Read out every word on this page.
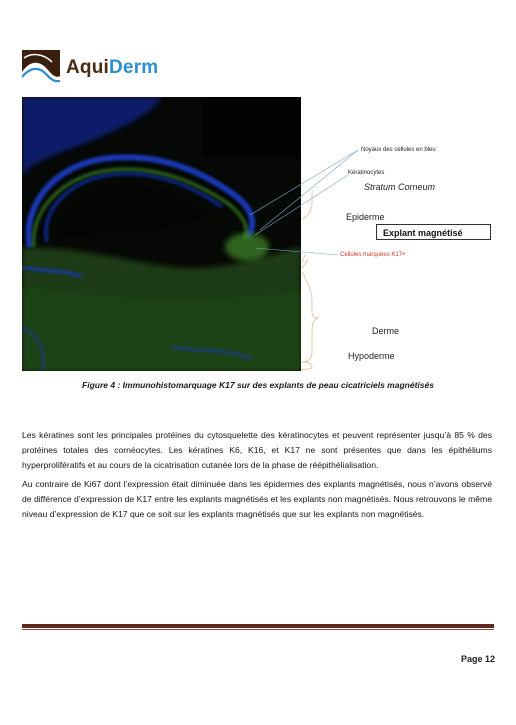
AquiDerm
Noyaux des cellules en bleu
Kératinocytes
Stratum Corneum
Epiderme
Explant magnétisé
Cellules marquées K17+
Derme
Hypoderme
Figure 4 : Immunohistomarquage K17 sur des explants de peau cicatriciels magnétisés

Les kératines sont les principales protéines du cytosquelette des kératinocytes et peuvent représenter jusqu’à 85 % des protéines totales des cornéocytes. Les kératines K6, K16, et K17 ne sont présentes que dans les épithéliums hyperprolifératifs et au cours de la cicatrisation cutanée lors de la phase de réépithélialisation.

Au contraire de Ki67 dont l’expression était diminuée dans les épidermes des explants magnétisés, nous n’avons observé de différence d’expression de K17 entre les explants magnétisés et les explants non magnétisés. Nous retrouvons le même niveau d’expression de K17 que ce soit sur les explants magnétisés que sur les explants non magnétisés.

Page 12
